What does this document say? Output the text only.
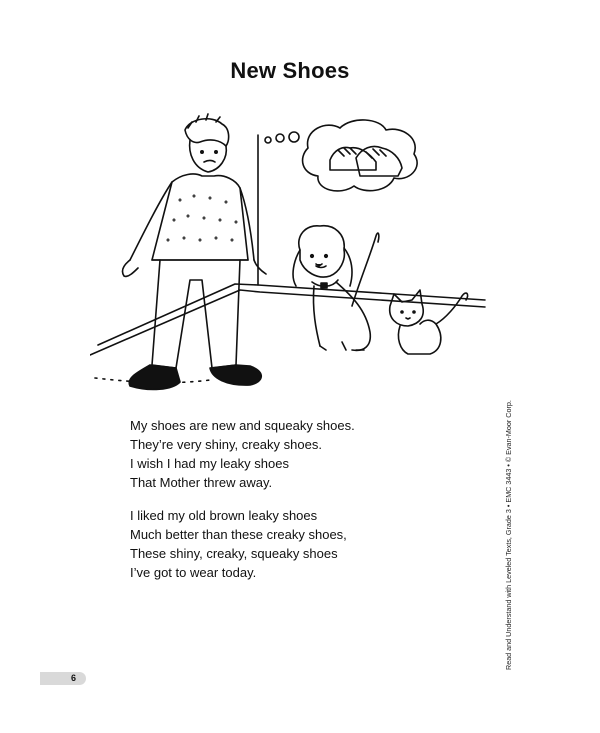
New Shoes
My shoes are new and squeaky shoes.
They’re very shiny, creaky shoes.
I wish I had my leaky shoes
That Mother threw away.
I liked my old brown leaky shoes
Much better than these creaky shoes,
These shiny, creaky, squeaky shoes
I’ve got to wear today.	Read and Understand with Leveled Texts, Grade 3 • EMC 3443 • © Evan-Moor Corp.
6
